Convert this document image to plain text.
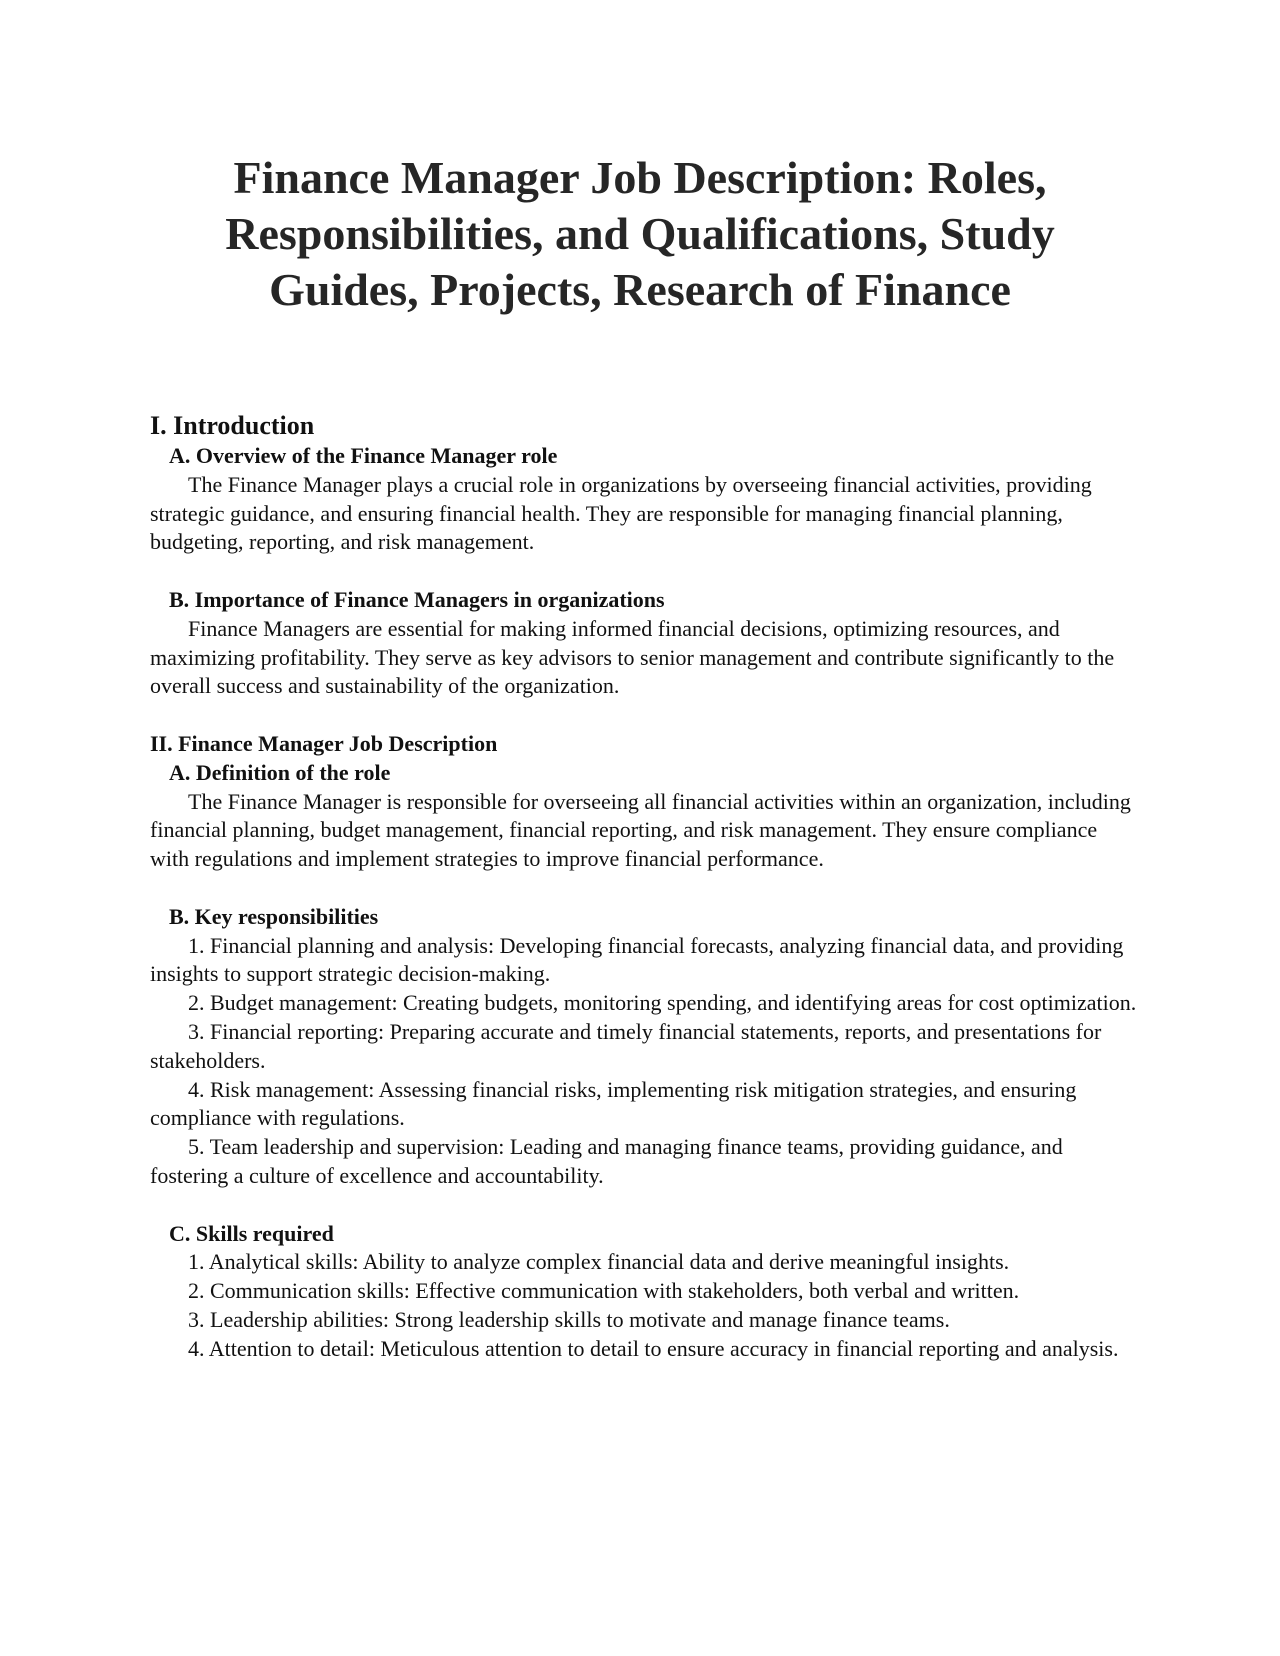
Finance Manager Job Description: Roles, Responsibilities, and Qualifications, Study Guides, Projects, Research of Finance
I. Introduction
A. Overview of the Finance Manager role

The Finance Manager plays a crucial role in organizations by overseeing financial activities, providing strategic guidance, and ensuring financial health. They are responsible for managing financial planning, budgeting, reporting, and risk management.

B. Importance of Finance Managers in organizations

Finance Managers are essential for making informed financial decisions, optimizing resources, and maximizing profitability. They serve as key advisors to senior management and contribute significantly to the overall success and sustainability of the organization.

II. Finance Manager Job Description
A. Definition of the role

The Finance Manager is responsible for overseeing all financial activities within an organization, including financial planning, budget management, financial reporting, and risk management. They ensure compliance with regulations and implement strategies to improve financial performance.

B. Key responsibilities

1. Financial planning and analysis: Developing financial forecasts, analyzing financial data, and providing insights to support strategic decision-making.

2. Budget management: Creating budgets, monitoring spending, and identifying areas for cost optimization.

3. Financial reporting: Preparing accurate and timely financial statements, reports, and presentations for stakeholders.

4. Risk management: Assessing financial risks, implementing risk mitigation strategies, and ensuring compliance with regulations.

5. Team leadership and supervision: Leading and managing finance teams, providing guidance, and fostering a culture of excellence and accountability.

C. Skills required

1. Analytical skills: Ability to analyze complex financial data and derive meaningful insights.

2. Communication skills: Effective communication with stakeholders, both verbal and written.

3. Leadership abilities: Strong leadership skills to motivate and manage finance teams.

4. Attention to detail: Meticulous attention to detail to ensure accuracy in financial reporting and analysis.
